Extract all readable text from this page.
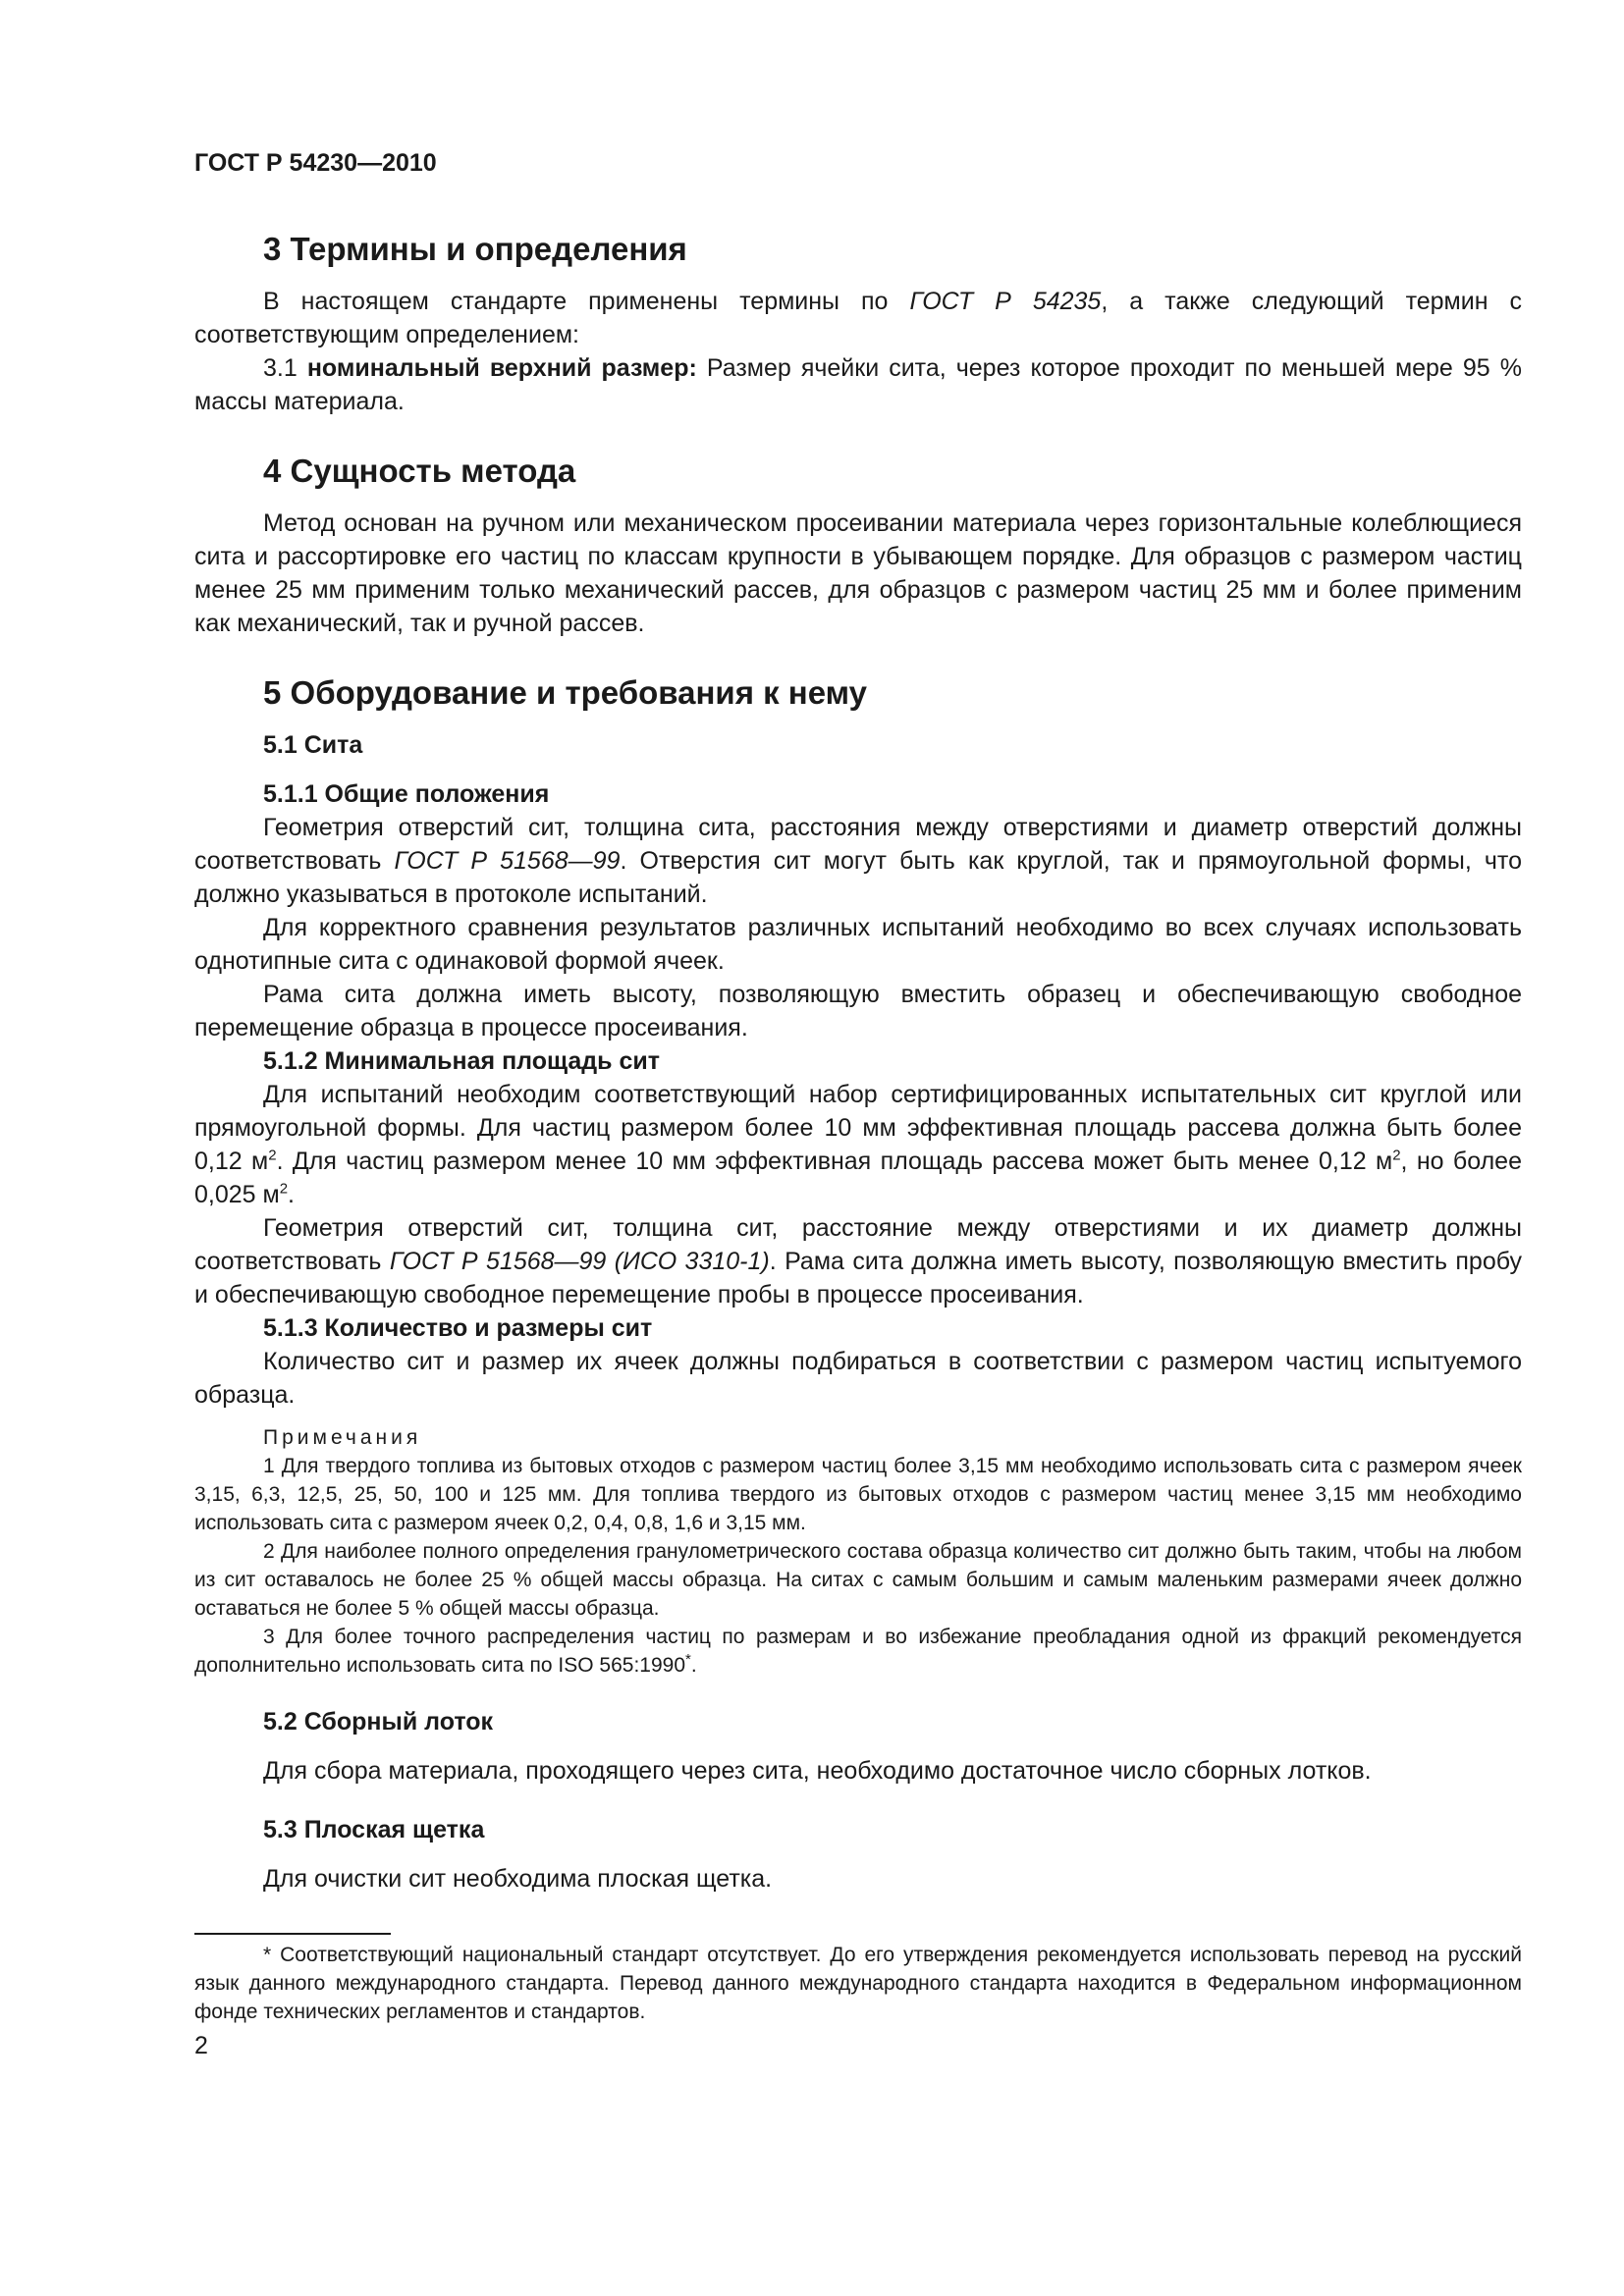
ГОСТ Р 54230—2010
3 Термины и определения

В настоящем стандарте применены термины по ГОСТ Р 54235, а также следующий термин с соответствующим определением:

3.1 номинальный верхний размер: Размер ячейки сита, через которое проходит по меньшей мере 95 % массы материала.

4 Сущность метода

Метод основан на ручном или механическом просеивании материала через горизонтальные колеблющиеся сита и рассортировке его частиц по классам крупности в убывающем порядке. Для образцов с размером частиц менее 25 мм применим только механический рассев, для образцов с размером частиц 25 мм и более применим как механический, так и ручной рассев.

5 Оборудование и требования к нему
5.1 Сита
5.1.1 Общие положения

Геометрия отверстий сит, толщина сита, расстояния между отверстиями и диаметр отверстий должны соответствовать ГОСТ Р 51568—99. Отверстия сит могут быть как круглой, так и прямоугольной формы, что должно указываться в протоколе испытаний.

Для корректного сравнения результатов различных испытаний необходимо во всех случаях использовать однотипные сита с одинаковой формой ячеек.

Рама сита должна иметь высоту, позволяющую вместить образец и обеспечивающую свободное перемещение образца в процессе просеивания.

5.1.2 Минимальная площадь сит

Для испытаний необходим соответствующий набор сертифицированных испытательных сит круглой или прямоугольной формы. Для частиц размером более 10 мм эффективная площадь рассева должна быть более 0,12 $м^2$. Для частиц размером менее 10 мм эффективная площадь рассева может быть менее 0,12 $м^2$, но более 0,025 $м^2$.

Геометрия отверстий сит, толщина сит, расстояние между отверстиями и их диаметр должны соответствовать ГОСТ Р 51568—99 (ИСО 3310-1). Рама сита должна иметь высоту, позволяющую вместить пробу и обеспечивающую свободное перемещение пробы в процессе просеивания.

5.1.3 Количество и размеры сит

Количество сит и размер их ячеек должны подбираться в соответствии с размером частиц испытуемого образца.

Примечания

1 Для твердого топлива из бытовых отходов с размером частиц более 3,15 мм необходимо использовать сита с размером ячеек 3,15, 6,3, 12,5, 25, 50, 100 и 125 мм. Для топлива твердого из бытовых отходов с размером частиц менее 3,15 мм необходимо использовать сита с размером ячеек 0,2, 0,4, 0,8, 1,6 и 3,15 мм.

2 Для наиболее полного определения гранулометрического состава образца количество сит должно быть таким, чтобы на любом из сит оставалось не более 25 % общей массы образца. На ситах с самым большим и самым маленьким размерами ячеек должно оставаться не более 5 % общей массы образца.

3 Для более точного распределения частиц по размерам и во избежание преобладания одной из фракций рекомендуется дополнительно использовать сита по ISO 565:1990*.

5.2 Сборный лоток

Для сбора материала, проходящего через сита, необходимо достаточное число сборных лотков.

5.3 Плоская щетка

Для очистки сит необходима плоская щетка.

* Соответствующий национальный стандарт отсутствует. До его утверждения рекомендуется использовать перевод на русский язык данного международного стандарта. Перевод данного международного стандарта находится в Федеральном информационном фонде технических регламентов и стандартов.

2
